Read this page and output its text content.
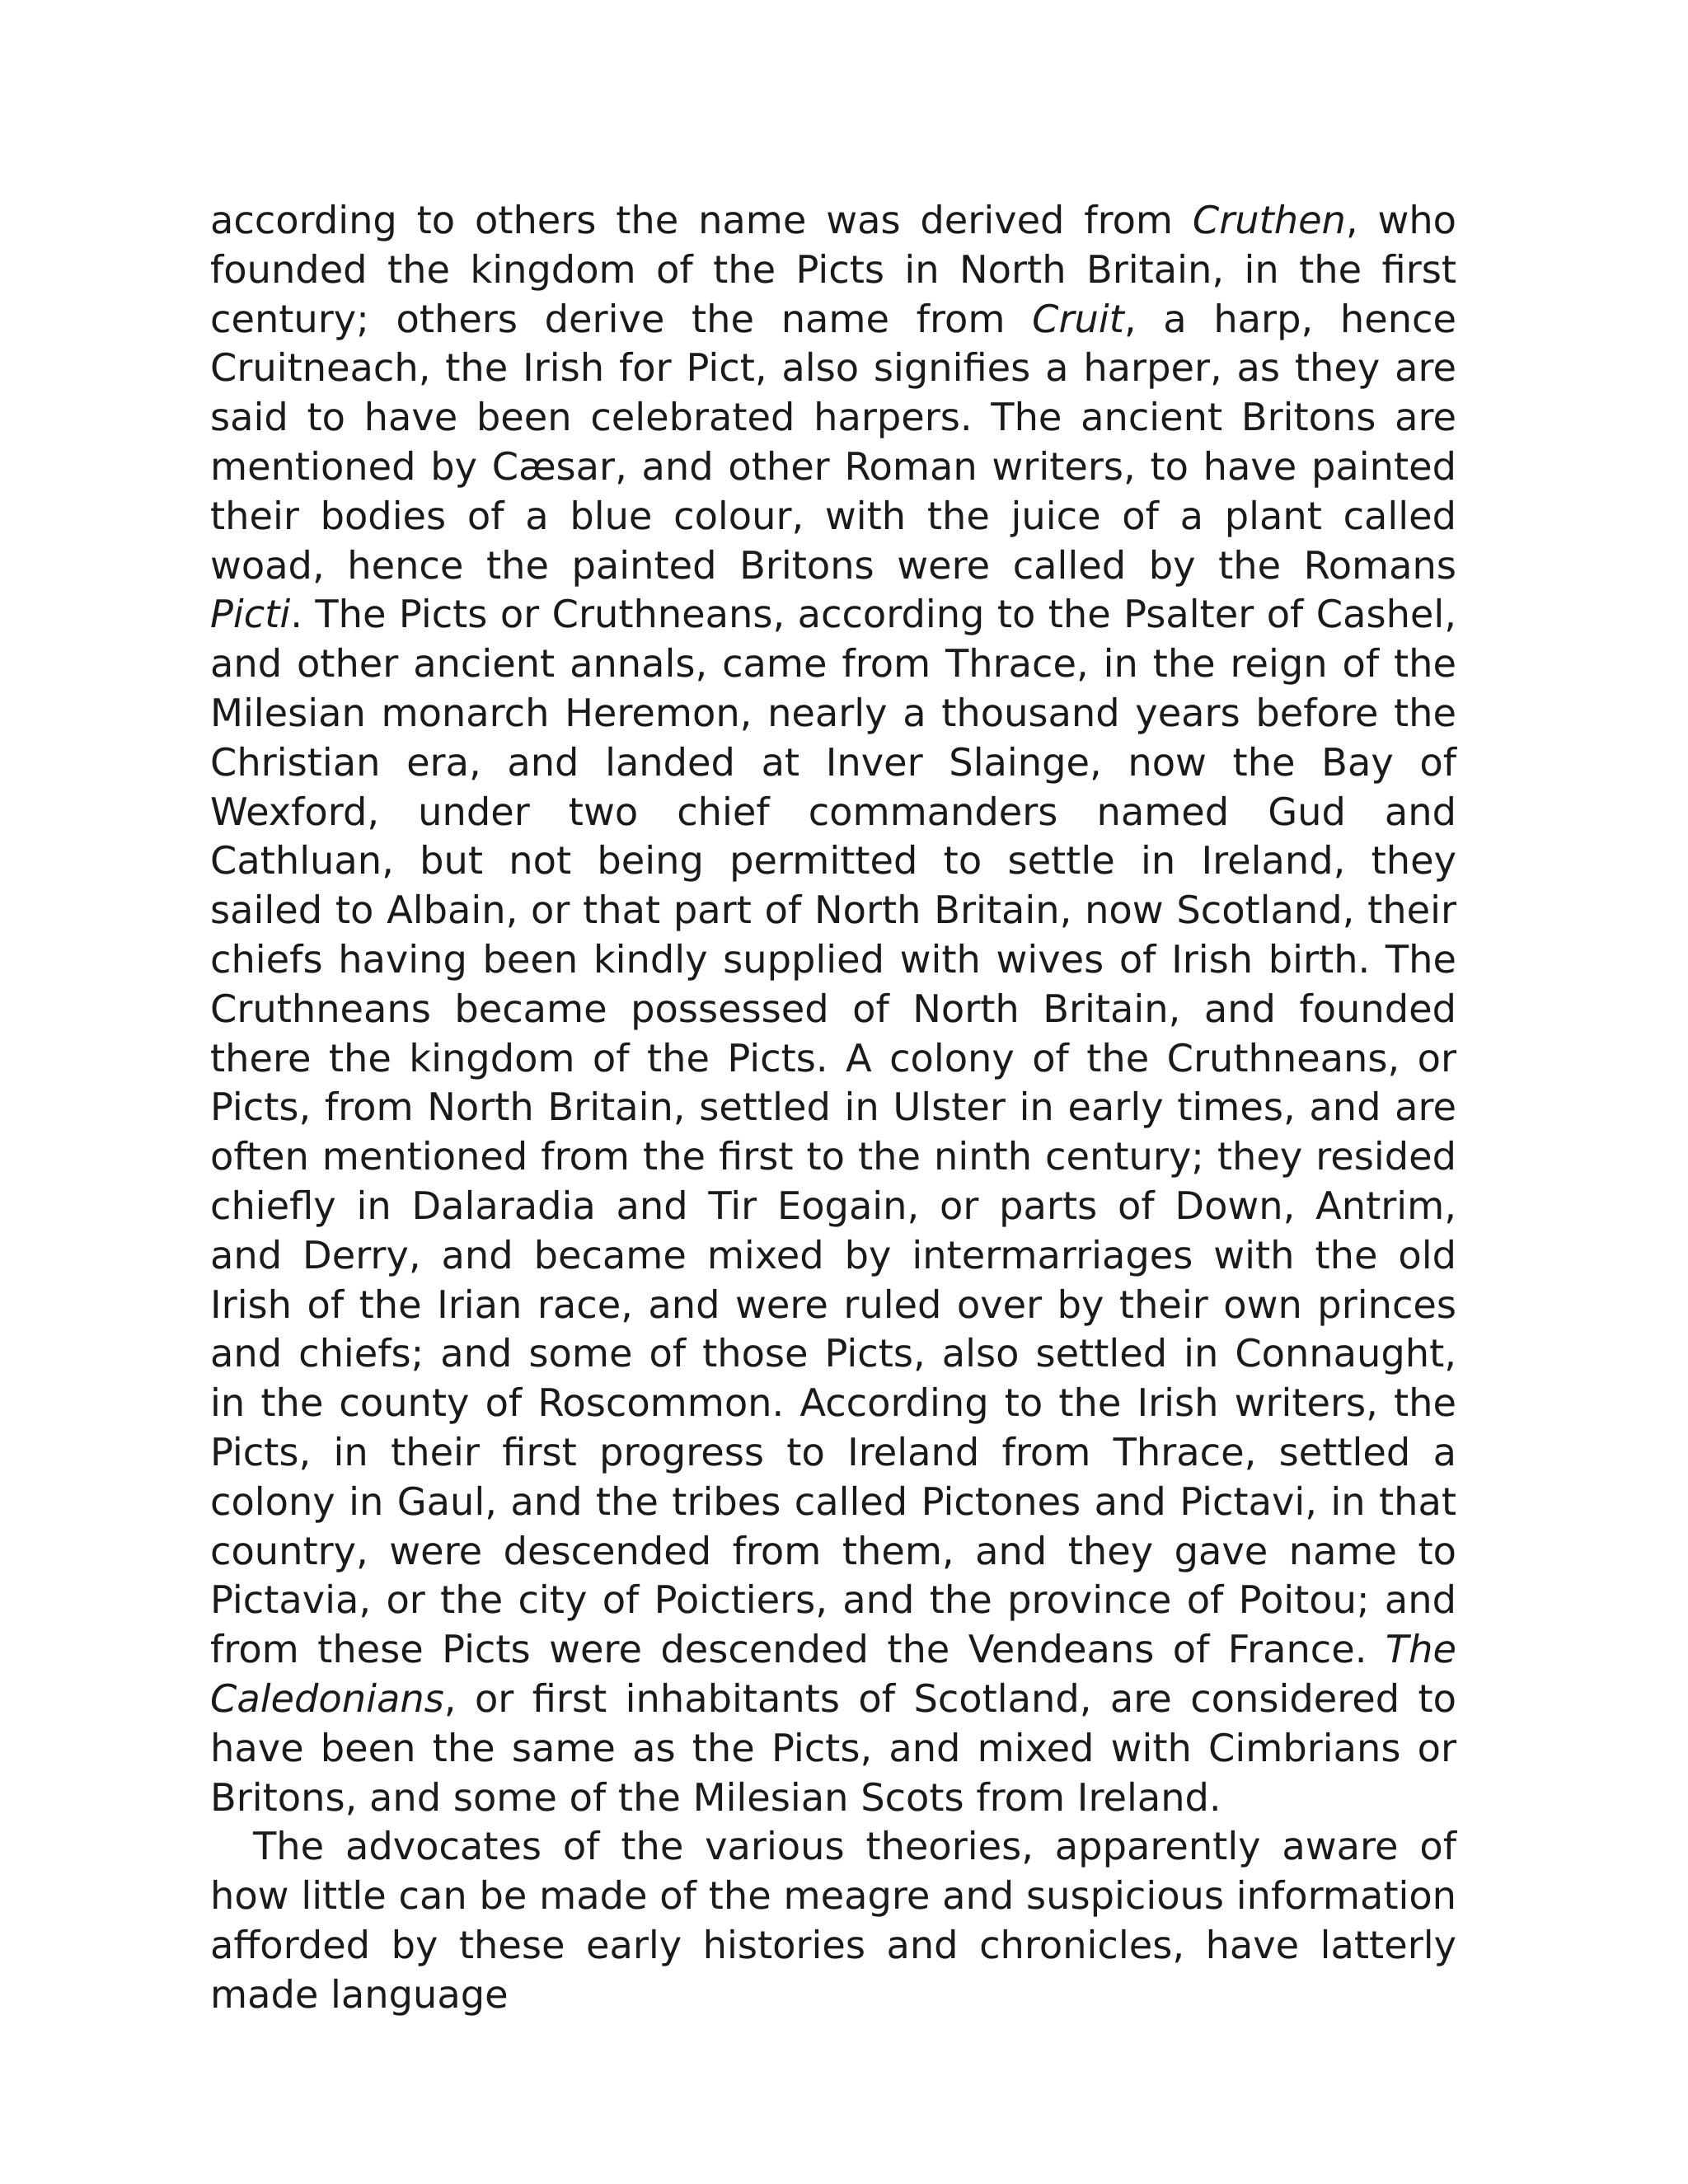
according to others the name was derived from Cruthen, who founded the kingdom of the Picts in North Britain, in the first century; others derive the name from Cruit, a harp, hence Cruitneach, the Irish for Pict, also signifies a harper, as they are said to have been celebrated harpers. The ancient Britons are mentioned by Cæsar, and other Roman writers, to have painted their bodies of a blue colour, with the juice of a plant called woad, hence the painted Britons were called by the Romans Picti. The Picts or Cruthneans, according to the Psalter of Cashel, and other ancient annals, came from Thrace, in the reign of the Milesian monarch Heremon, nearly a thousand years before the Christian era, and landed at Inver Slainge, now the Bay of Wexford, under two chief commanders named Gud and Cathluan, but not being permitted to settle in Ireland, they sailed to Albain, or that part of North Britain, now Scotland, their chiefs having been kindly supplied with wives of Irish birth. The Cruthneans became possessed of North Britain, and founded there the kingdom of the Picts. A colony of the Cruthneans, or Picts, from North Britain, settled in Ulster in early times, and are often mentioned from the first to the ninth century; they resided chiefly in Dalaradia and Tir Eogain, or parts of Down, Antrim, and Derry, and became mixed by intermarriages with the old Irish of the Irian race, and were ruled over by their own princes and chiefs; and some of those Picts, also settled in Connaught, in the county of Roscommon. According to the Irish writers, the Picts, in their first progress to Ireland from Thrace, settled a colony in Gaul, and the tribes called Pictones and Pictavi, in that country, were descended from them, and they gave name to Pictavia, or the city of Poictiers, and the province of Poitou; and from these Picts were descended the Vendeans of France. The Caledonians, or first inhabitants of Scotland, are considered to have been the same as the Picts, and mixed with Cimbrians or Britons, and some of the Milesian Scots from Ireland.

The advocates of the various theories, apparently aware of how little can be made of the meagre and suspicious information afforded by these early histories and chronicles, have latterly made language
